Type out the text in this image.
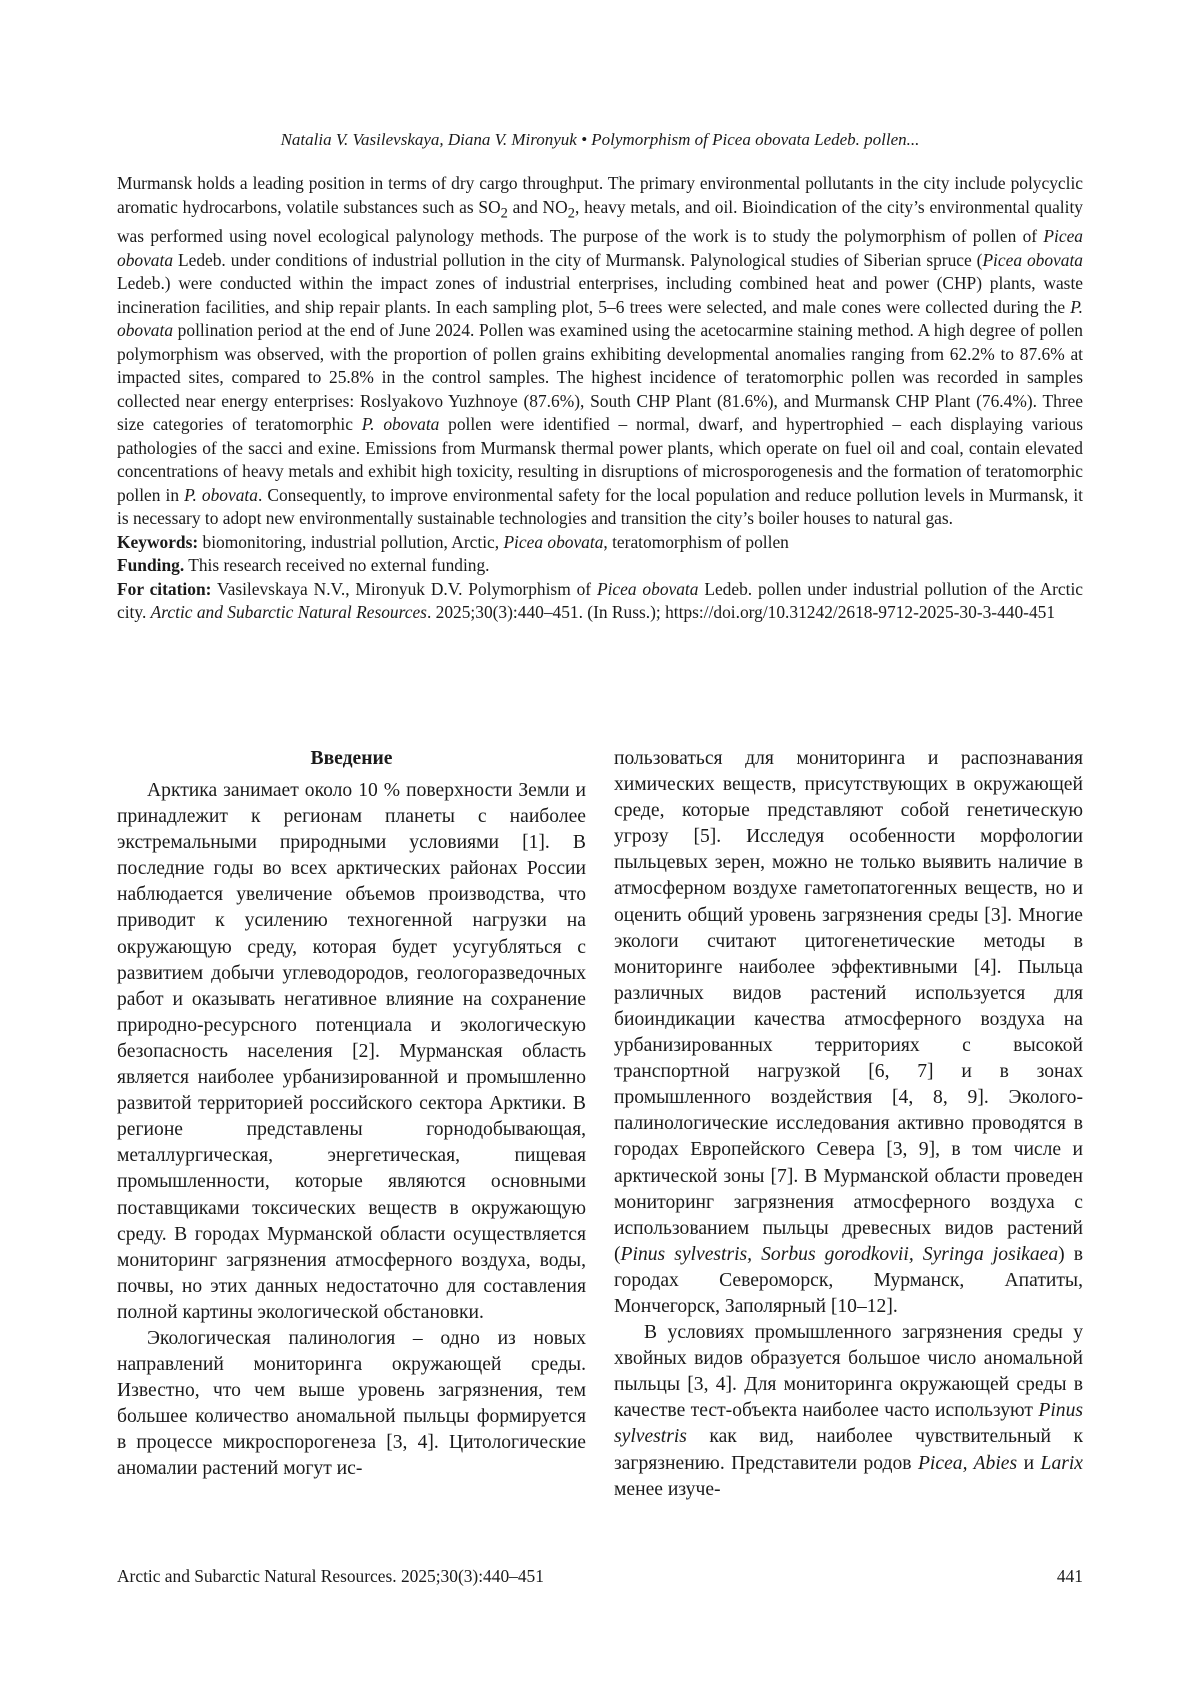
Natalia V. Vasilevskaya, Diana V. Mironyuk • Polymorphism of Picea obovata Ledeb. pollen...

Murmansk holds a leading position in terms of dry cargo throughput. The primary environmental pollutants in the city include polycyclic aromatic hydrocarbons, volatile substances such as $SO_2$ and $NO_2$, heavy metals, and oil. Bioindication of the city’s environmental quality was performed using novel ecological palynology methods. The purpose of the work is to study the polymorphism of pollen of Picea obovata Ledeb. under conditions of industrial pollution in the city of Murmansk. Palynological studies of Siberian spruce (Picea obovata Ledeb.) were conducted within the impact zones of industrial enterprises, including combined heat and power (CHP) plants, waste incineration facilities, and ship repair plants. In each sampling plot, 5–6 trees were selected, and male cones were collected during the P. obovata pollination period at the end of June 2024. Pollen was examined using the acetocarmine staining method. A high degree of pollen polymorphism was observed, with the proportion of pollen grains exhibiting developmental anomalies ranging from 62.2% to 87.6% at impacted sites, compared to 25.8% in the control samples. The highest incidence of teratomorphic pollen was recorded in samples collected near energy enterprises: Roslyakovo Yuzhnoye (87.6%), South CHP Plant (81.6%), and Murmansk CHP Plant (76.4%). Three size categories of teratomorphic P. obovata pollen were identified – normal, dwarf, and hypertrophied – each displaying various pathologies of the sacci and exine. Emissions from Murmansk thermal power plants, which operate on fuel oil and coal, contain elevated concentrations of heavy metals and exhibit high toxicity, resulting in disruptions of microsporogenesis and the formation of teratomorphic pollen in P. obovata. Consequently, to improve environmental safety for the local population and reduce pollution levels in Murmansk, it is necessary to adopt new environmentally sustainable technologies and transition the city’s boiler houses to natural gas.

Keywords: biomonitoring, industrial pollution, Arctic, Picea obovata, teratomorphism of pollen

Funding. This research received no external funding.

For citation: Vasilevskaya N.V., Mironyuk D.V. Polymorphism of Picea obovata Ledeb. pollen under industrial pollution of the Arctic city. Arctic and Subarctic Natural Resources. 2025;30(3):440–451. (In Russ.); https://doi.org/10.31242/2618-9712-2025-30-3-440-451

Введение

Арктика занимает около 10 % поверхности Земли и принадлежит к регионам планеты с наиболее экстремальными природными условиями [1]. В последние годы во всех арктических районах России наблюдается увеличение объемов производства, что приводит к усилению техногенной нагрузки на окружающую среду, которая будет усугубляться с развитием добычи углеводородов, геологоразведочных работ и оказывать негативное влияние на сохранение природно-ресурсного потенциала и экологическую безопасность населения [2]. Мурманская область является наиболее урбанизированной и промышленно развитой территорией российского сектора Арктики. В регионе представлены горнодобывающая, металлургическая, энергетическая, пищевая промышленности, которые являются основными поставщиками токсических веществ в окружающую среду. В городах Мурманской области осуществляется мониторинг загрязнения атмосферного воздуха, воды, почвы, но этих данных недостаточно для составления полной картины экологической обстановки.

Экологическая палинология – одно из новых направлений мониторинга окружающей среды. Известно, что чем выше уровень загрязнения, тем большее количество аномальной пыльцы формируется в процессе микроспорогенеза [3, 4]. Цитологические аномалии растений могут ис-

пользоваться для мониторинга и распознавания химических веществ, присутствующих в окружающей среде, которые представляют собой генетическую угрозу [5]. Исследуя особенности морфологии пыльцевых зерен, можно не только выявить наличие в атмосферном воздухе гаметопатогенных веществ, но и оценить общий уровень загрязнения среды [3]. Многие экологи считают цитогенетические методы в мониторинге наиболее эффективными [4]. Пыльца различных видов растений используется для биоиндикации качества атмосферного воздуха на урбанизированных территориях с высокой транспортной нагрузкой [6, 7] и в зонах промышленного воздействия [4, 8, 9]. Эколого-палинологические исследования активно проводятся в городах Европейского Севера [3, 9], в том числе и арктической зоны [7]. В Мурманской области проведен мониторинг загрязнения атмосферного воздуха с использованием пыльцы древесных видов растений (Pinus sylvestris, Sorbus gorodkovii, Syringa josikaea) в городах Североморск, Мурманск, Апатиты, Мончегорск, Заполярный [10–12].

В условиях промышленного загрязнения среды у хвойных видов образуется большое число аномальной пыльцы [3, 4]. Для мониторинга окружающей среды в качестве тест-объекта наиболее часто используют Pinus sylvestris как вид, наиболее чувствительный к загрязнению. Представители родов Picea, Abies и Larix менее изуче-

Arctic and Subarctic Natural Resources. 2025;30(3):440–451	441
